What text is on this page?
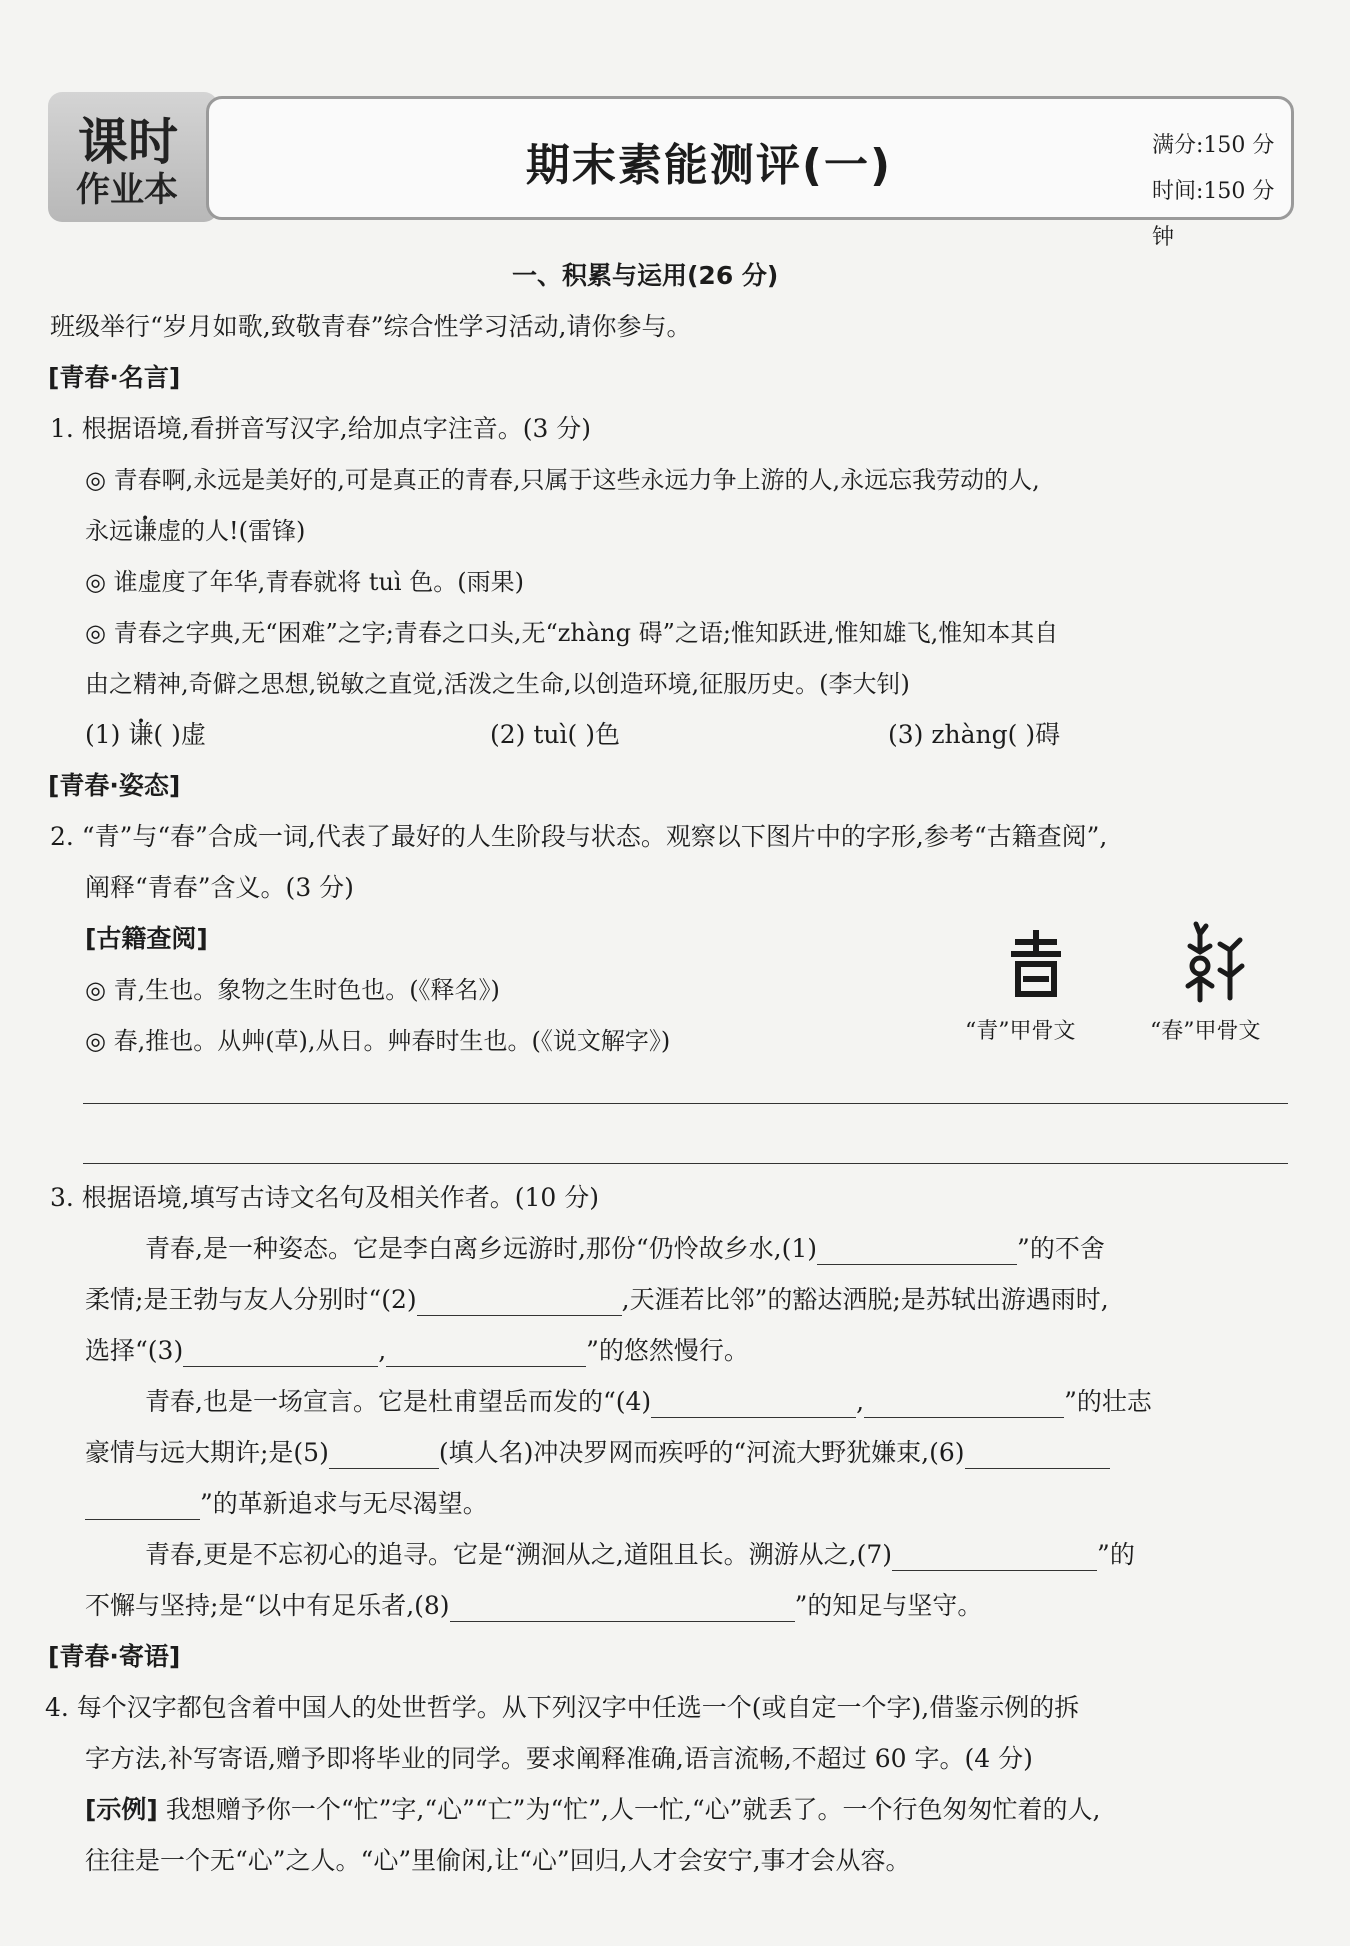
课时
作业本	期末素能测评(一)	满分:150 分
时间:150 分钟
一、积累与运用(26 分)
班级举行“岁月如歌,致敬青春”综合性学习活动,请你参与。
[青春·名言]
1. 根据语境,看拼音写汉字,给加点字注音。(3 分)
◎ 青春啊,永远是美好的,可是真正的青春,只属于这些永远力争上游的人,永远忘我劳动的人,
永远谦虚的人!(雷锋)
◎ 谁虚度了年华,青春就将 tuì 色。(雨果)
◎ 青春之字典,无“困难”之字;青春之口头,无“zhàng 碍”之语;惟知跃进,惟知雄飞,惟知本其自
由之精神,奇僻之思想,锐敏之直觉,活泼之生命,以创造环境,征服历史。(李大钊)
(1) 谦( )虚	(2) tuì( )色	(3) zhàng( )碍
[青春·姿态]
2. “青”与“春”合成一词,代表了最好的人生阶段与状态。观察以下图片中的字形,参考“古籍查阅”,
阐释“青春”含义。(3 分)
[古籍查阅]
◎ 青,生也。象物之生时色也。(《释名》)
◎ 春,推也。从艸(草),从日。艸春时生也。(《说文解字》)	“青”甲骨文	“春”甲骨文
3. 根据语境,填写古诗文名句及相关作者。(10 分)
青春,是一种姿态。它是李白离乡远游时,那份“仍怜故乡水,(1)	”的不舍
柔情;是王勃与友人分别时“(2)	,天涯若比邻”的豁达洒脱;是苏轼出游遇雨时,
选择“(3)	,	”的悠然慢行。
青春,也是一场宣言。它是杜甫望岳而发的“(4)	,	”的壮志
豪情与远大期许;是(5)	(填人名)冲决罗网而疾呼的“河流大野犹嫌束,(6)
”的革新追求与无尽渴望。
青春,更是不忘初心的追寻。它是“溯洄从之,道阻且长。溯游从之,(7)	”的
不懈与坚持;是“以中有足乐者,(8)	”的知足与坚守。
[青春·寄语]
4. 每个汉字都包含着中国人的处世哲学。从下列汉字中任选一个(或自定一个字),借鉴示例的拆
字方法,补写寄语,赠予即将毕业的同学。要求阐释准确,语言流畅,不超过 60 字。(4 分)
[示例] 我想赠予你一个“忙”字,“心”“亡”为“忙”,人一忙,“心”就丢了。一个行色匆匆忙着的人,
往往是一个无“心”之人。“心”里偷闲,让“心”回归,人才会安宁,事才会从容。
